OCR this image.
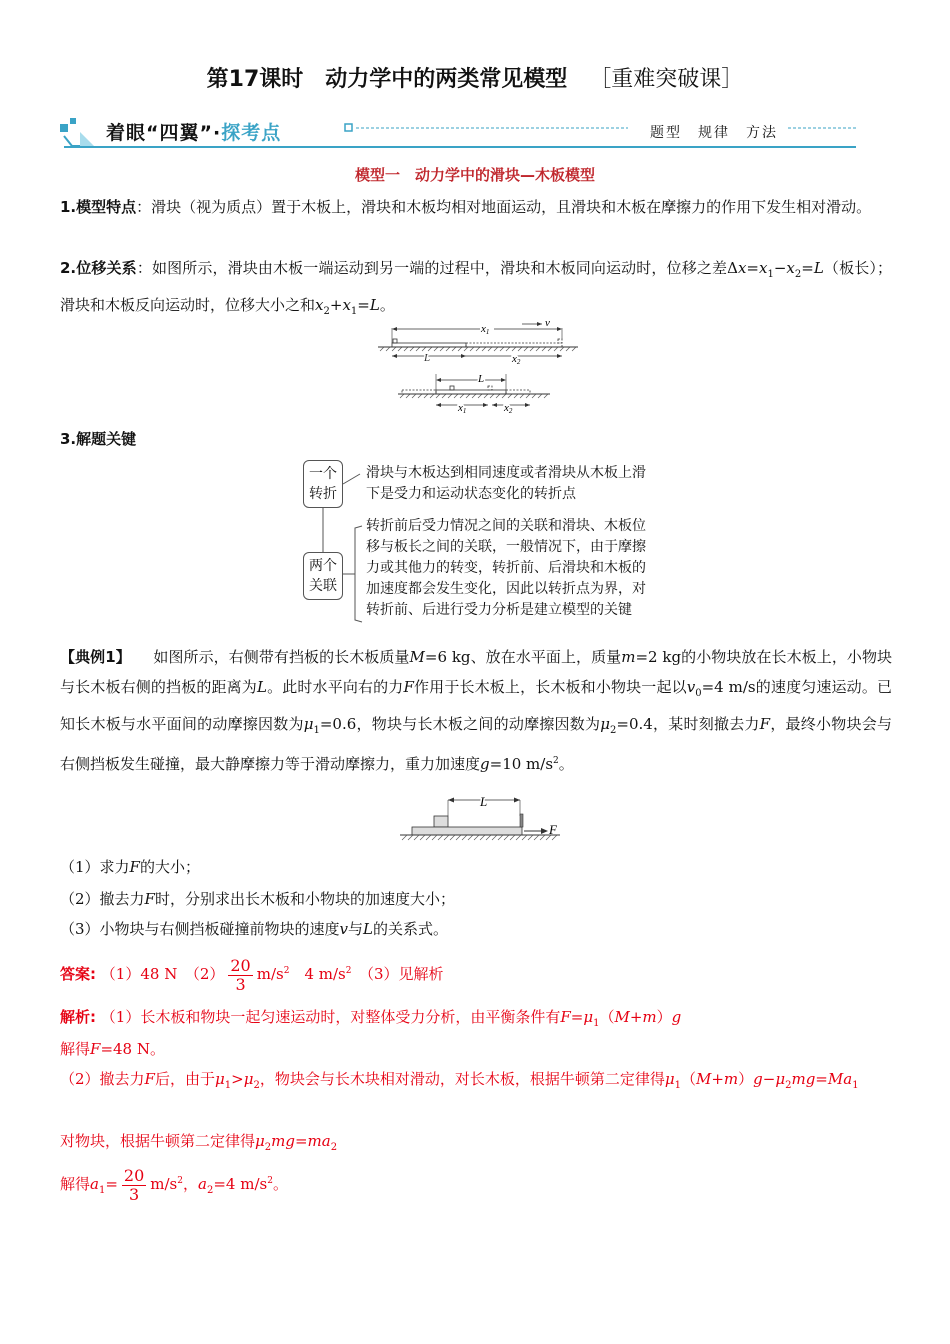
第17课时　动力学中的两类常见模型 ［重难突破课］
着眼“四翼”·探考点	题型　规律　方法
模型一　动力学中的滑块—木板模型
1.模型特点：滑块（视为质点）置于木板上，滑块和木板均相对地面运动，且滑块和木板在摩擦力的作用下发生相对滑动。
2.位移关系：如图所示，滑块由木板一端运动到另一端的过程中，滑块和木板同向运动时，位移之差$\Delta x=x_1-x_2=L$（板长）；滑块和木板反向运动时，位移大小之和$x_2+x_1=L$。
x1
v
L	x2
L
x1	x2
3.解题关键
一个转折
滑块与木板达到相同速度或者滑块从木板上滑下是受力和运动状态变化的转折点
两个关联
转折前后受力情况之间的关联和滑块、木板位移与板长之间的关联，一般情况下，由于摩擦力或其他力的转变，转折前、后滑块和木板的加速度都会发生变化，因此以转折点为界，对转折前、后进行受力分析是建立模型的关键
【典例1】　　 如图所示，右侧带有挡板的长木板质量M=6 kg、放在水平面上，质量m=2 kg的小物块放在长木板上，小物块与长木板右侧的挡板的距离为L。此时水平向右的力F作用于长木板上，长木板和小物块一起以$v_0=4$ m/s的速度匀速运动。已知长木板与水平面间的动摩擦因数为$\mu_1=0.6$，物块与长木板之间的动摩擦因数为$\mu_2=0.4$，某时刻撤去力F，最终小物块会与右侧挡板发生碰撞，最大静摩擦力等于滑动摩擦力，重力加速度g=10 $m/s^2$。
L
F
（1）求力F的大小；
（2）撤去力F时，分别求出长木板和小物块的加速度大小；
（3）小物块与右侧挡板碰撞前物块的速度v与L的关系式。
答案: （1）48 N　$(2) \frac{20}{3} m/s^2$　4 $m/s^2$　（3）见解析
解析: （1）长木板和物块一起匀速运动时，对整体受力分析，由平衡条件有$F=\mu_1(M+m)g$
解得F=48 N。
（2）撤去力F后，由于$\mu_1>\mu_2$，物块会与长木块相对滑动，对长木板，根据牛顿第二定律得$\mu_1(M+m)g-\mu_2mg=Ma_1$
对物块，根据牛顿第二定律得$\mu_2mg=ma_2$
解得$a_1= \frac{20}{3} m/s^2$，$a_2=4$ $m/s^2$。
